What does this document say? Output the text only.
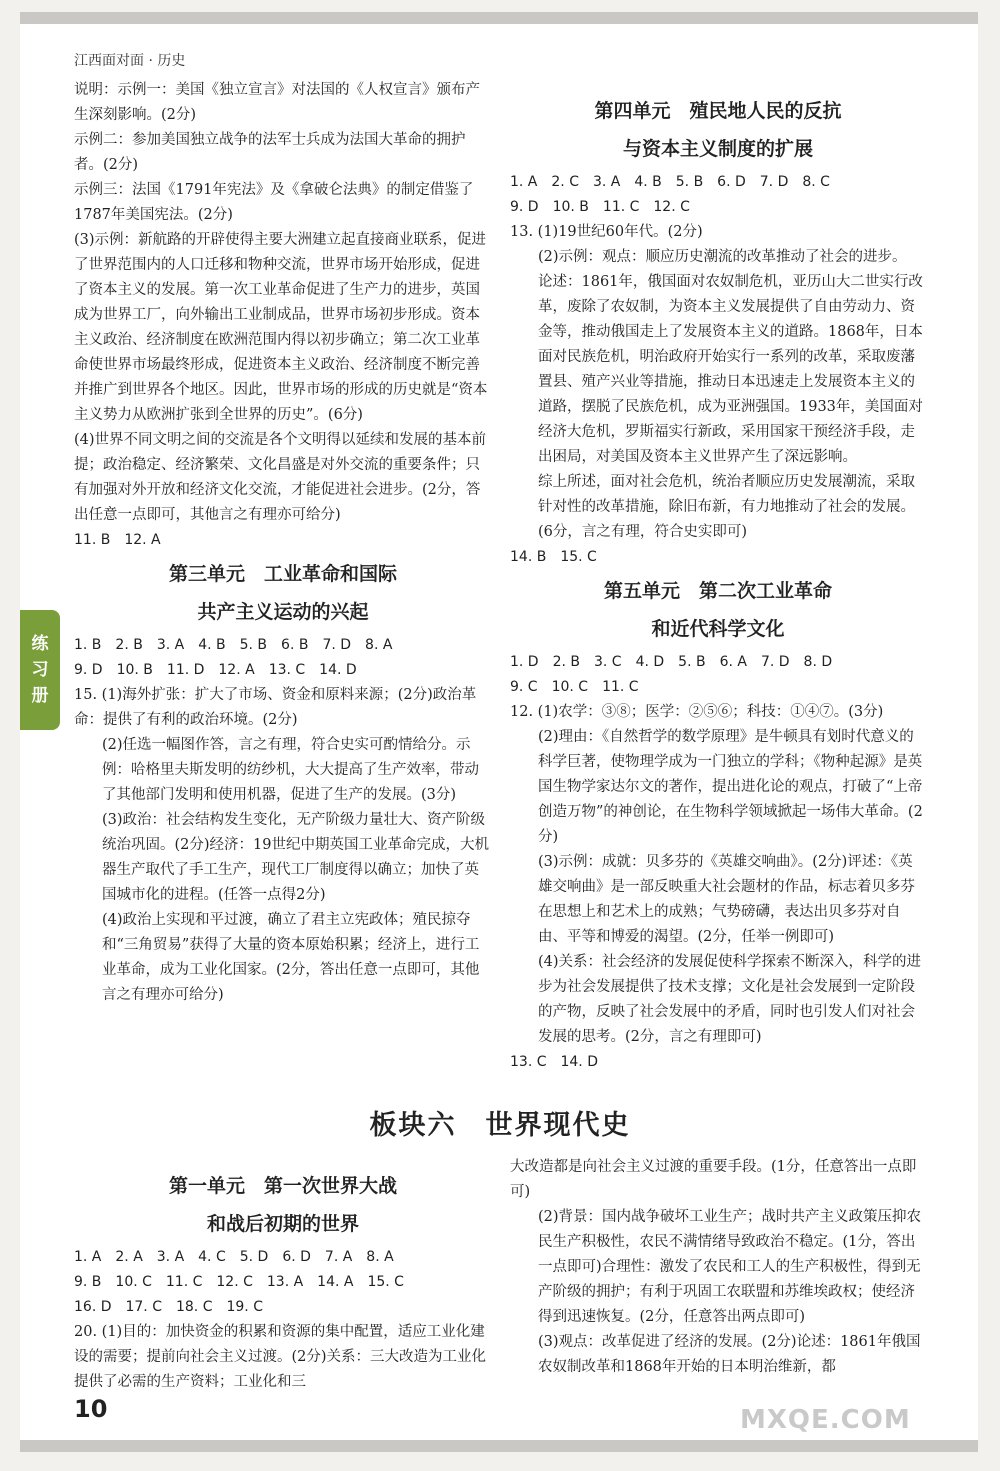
江西面对面 · 历史

说明：示例一：美国《独立宣言》对法国的《人权宣言》颁布产生深刻影响。(2分)

示例二：参加美国独立战争的法军士兵成为法国大革命的拥护者。(2分)

示例三：法国《1791年宪法》及《拿破仑法典》的制定借鉴了1787年美国宪法。(2分)

(3)示例：新航路的开辟使得主要大洲建立起直接商业联系，促进了世界范围内的人口迁移和物种交流，世界市场开始形成，促进了资本主义的发展。第一次工业革命促进了生产力的进步，英国成为世界工厂，向外输出工业制成品，世界市场初步形成。资本主义政治、经济制度在欧洲范围内得以初步确立；第二次工业革命使世界市场最终形成，促进资本主义政治、经济制度不断完善并推广到世界各个地区。因此，世界市场的形成的历史就是“资本主义势力从欧洲扩张到全世界的历史”。(6分)

(4)世界不同文明之间的交流是各个文明得以延续和发展的基本前提；政治稳定、经济繁荣、文化昌盛是对外交流的重要条件；只有加强对外开放和经济文化交流，才能促进社会进步。(2分，答出任意一点即可，其他言之有理亦可给分)

11. B　12. A

第三单元　工业革命和国际
共产主义运动的兴起

1. B　2. B　3. A　4. B　5. B　6. B　7. D　8. A

9. D　10. B　11. D　12. A　13. C　14. D

15. (1)海外扩张：扩大了市场、资金和原料来源；(2分)政治革命：提供了有利的政治环境。(2分)

(2)任选一幅图作答，言之有理，符合史实可酌情给分。示例：哈格里夫斯发明的纺纱机，大大提高了生产效率，带动了其他部门发明和使用机器，促进了生产的发展。(3分)

(3)政治：社会结构发生变化，无产阶级力量壮大、资产阶级统治巩固。(2分)经济：19世纪中期英国工业革命完成，大机器生产取代了手工生产，现代工厂制度得以确立；加快了英国城市化的进程。(任答一点得2分)

(4)政治上实现和平过渡，确立了君主立宪政体；殖民掠夺和“三角贸易”获得了大量的资本原始积累；经济上，进行工业革命，成为工业化国家。(2分，答出任意一点即可，其他言之有理亦可给分)

第四单元　殖民地人民的反抗
与资本主义制度的扩展

1. A　2. C　3. A　4. B　5. B　6. D　7. D　8. C

9. D　10. B　11. C　12. C

13. (1)19世纪60年代。(2分)

(2)示例：观点：顺应历史潮流的改革推动了社会的进步。

论述：1861年，俄国面对农奴制危机，亚历山大二世实行改革，废除了农奴制，为资本主义发展提供了自由劳动力、资金等，推动俄国走上了发展资本主义的道路。1868年，日本面对民族危机，明治政府开始实行一系列的改革，采取废藩置县、殖产兴业等措施，推动日本迅速走上发展资本主义的道路，摆脱了民族危机，成为亚洲强国。1933年，美国面对经济大危机，罗斯福实行新政，采用国家干预经济手段，走出困局，对美国及资本主义世界产生了深远影响。

综上所述，面对社会危机，统治者顺应历史发展潮流，采取针对性的改革措施，除旧布新，有力地推动了社会的发展。(6分，言之有理，符合史实即可)

14. B　15. C

第五单元　第二次工业革命
和近代科学文化

1. D　2. B　3. C　4. D　5. B　6. A　7. D　8. D

9. C　10. C　11. C

12. (1)农学：③⑧；医学：②⑤⑥；科技：①④⑦。(3分)

(2)理由：《自然哲学的数学原理》是牛顿具有划时代意义的科学巨著，使物理学成为一门独立的学科；《物种起源》是英国生物学家达尔文的著作，提出进化论的观点，打破了“上帝创造万物”的神创论，在生物科学领域掀起一场伟大革命。(2分)

(3)示例：成就：贝多芬的《英雄交响曲》。(2分)评述：《英雄交响曲》是一部反映重大社会题材的作品，标志着贝多芬在思想上和艺术上的成熟；气势磅礴，表达出贝多芬对自由、平等和博爱的渴望。(2分，任举一例即可)

(4)关系：社会经济的发展促使科学探索不断深入，科学的进步为社会发展提供了技术支撑；文化是社会发展到一定阶段的产物，反映了社会发展中的矛盾，同时也引发人们对社会发展的思考。(2分，言之有理即可)

13. C　14. D

练
习
册
板块六　世界现代史
第一单元　第一次世界大战
和战后初期的世界

1. A　2. A　3. A　4. C　5. D　6. D　7. A　8. A

9. B　10. C　11. C　12. C　13. A　14. A　15. C

16. D　17. C　18. C　19. C

20. (1)目的：加快资金的积累和资源的集中配置，适应工业化建设的需要；提前向社会主义过渡。(2分)关系：三大改造为工业化提供了必需的生产资料；工业化和三

大改造都是向社会主义过渡的重要手段。(1分，任意答出一点即可)

(2)背景：国内战争破坏工业生产；战时共产主义政策压抑农民生产积极性，农民不满情绪导致政治不稳定。(1分，答出一点即可)合理性：激发了农民和工人的生产积极性，得到无产阶级的拥护；有利于巩固工农联盟和苏维埃政权；使经济得到迅速恢复。(2分，任意答出两点即可)

(3)观点：改革促进了经济的发展。(2分)论述：1861年俄国农奴制改革和1868年开始的日本明治维新，都

10	MXQE.COM
